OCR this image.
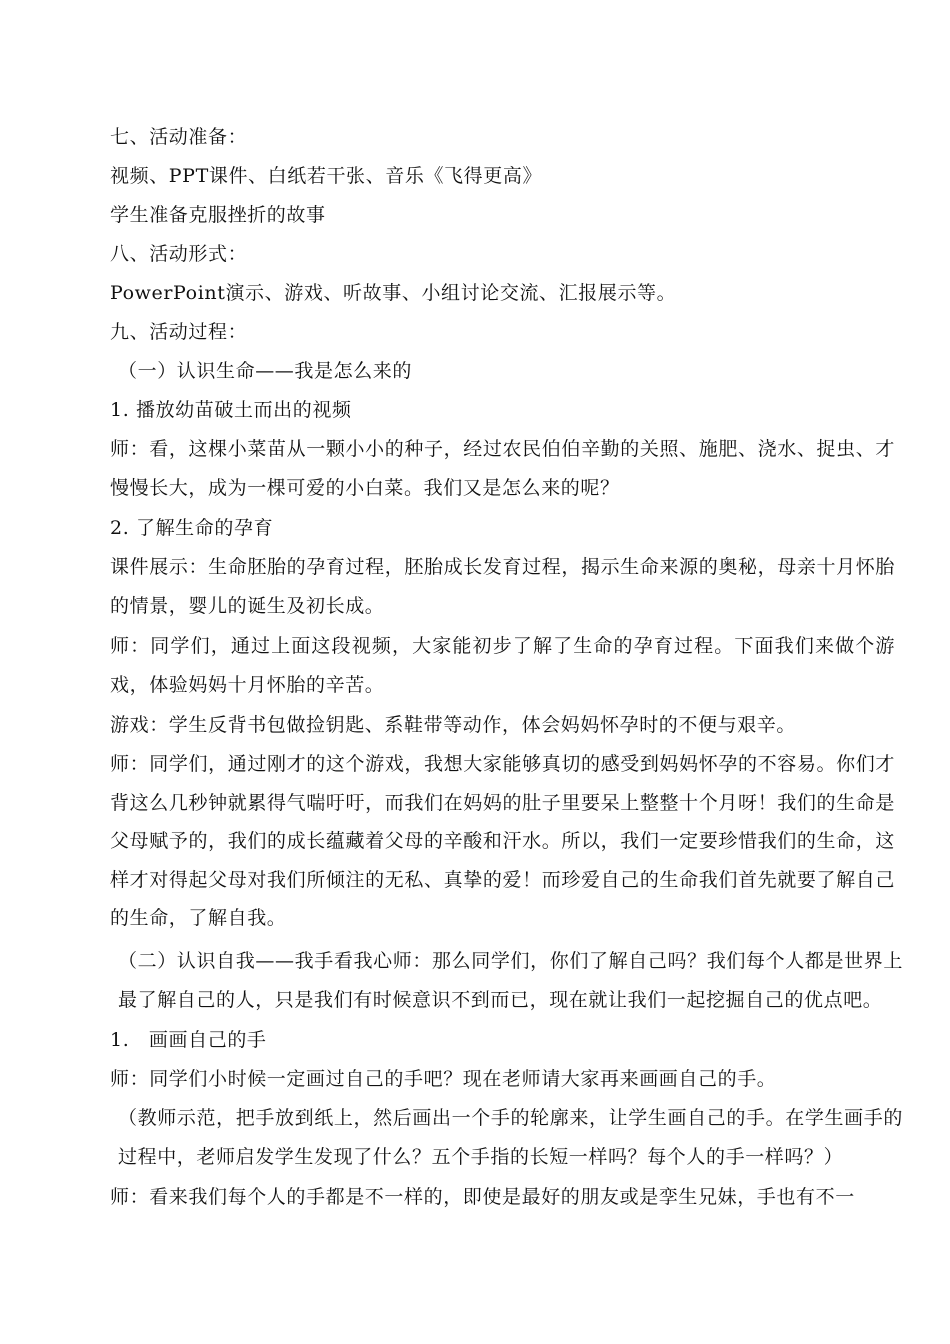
七、活动准备：

视频、PPT课件、白纸若干张、音乐《飞得更高》

学生准备克服挫折的故事

八、活动形式：

PowerPoint演示、游戏、听故事、小组讨论交流、汇报展示等。

九、活动过程：

（一）认识生命——我是怎么来的

1. 播放幼苗破土而出的视频

师：看，这棵小菜苗从一颗小小的种子，经过农民伯伯辛勤的关照、施肥、浇水、捉虫、才慢慢长大，成为一棵可爱的小白菜。我们又是怎么来的呢？

2. 了解生命的孕育

课件展示：生命胚胎的孕育过程，胚胎成长发育过程，揭示生命来源的奥秘，母亲十月怀胎的情景，婴儿的诞生及初长成。

师：同学们，通过上面这段视频，大家能初步了解了生命的孕育过程。下面我们来做个游戏，体验妈妈十月怀胎的辛苦。

游戏：学生反背书包做捡钥匙、系鞋带等动作，体会妈妈怀孕时的不便与艰辛。

师：同学们，通过刚才的这个游戏，我想大家能够真切的感受到妈妈怀孕的不容易。你们才背这么几秒钟就累得气喘吁吁，而我们在妈妈的肚子里要呆上整整十个月呀！我们的生命是父母赋予的，我们的成长蕴藏着父母的辛酸和汗水。所以，我们一定要珍惜我们的生命，这样才对得起父母对我们所倾注的无私、真挚的爱！而珍爱自己的生命我们首先就要了解自己的生命，了解自我。

（二）认识自我——我手看我心师：那么同学们，你们了解自己吗？我们每个人都是世界上最了解自己的人，只是我们有时候意识不到而已，现在就让我们一起挖掘自己的优点吧。

1.　画画自己的手

师：同学们小时候一定画过自己的手吧？现在老师请大家再来画画自己的手。

（教师示范，把手放到纸上，然后画出一个手的轮廓来，让学生画自己的手。在学生画手的过程中，老师启发学生发现了什么？五个手指的长短一样吗？每个人的手一样吗？）

师：看来我们每个人的手都是不一样的，即使是最好的朋友或是孪生兄妹，手也有不一
